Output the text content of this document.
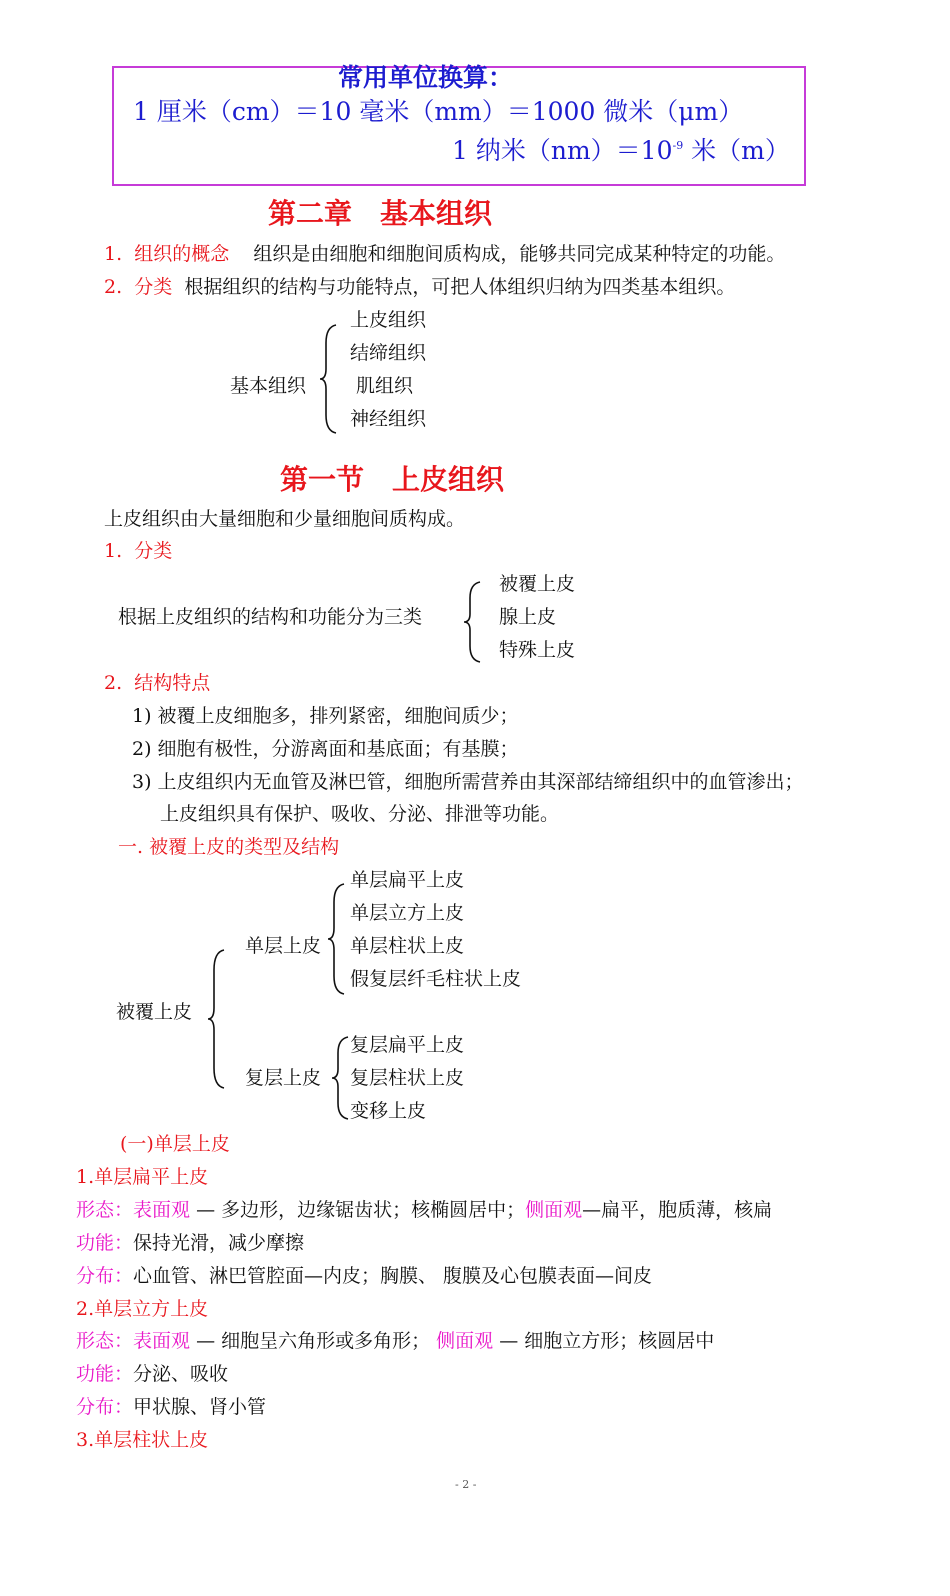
常用单位换算：
1 厘米（cm）＝10 毫米（mm）＝1000 微米（μm）
1 纳米$(nm)=10^{-9}$ 米（m）
第二章　基本组织
1. 组织的概念 组织是由细胞和细胞间质构成，能够共同完成某种特定的功能。
2. 分类 根据组织的结构与功能特点，可把人体组织归纳为四类基本组织。
基本组织
上皮组织
结缔组织
肌组织
神经组织
第一节　上皮组织
上皮组织由大量细胞和少量细胞间质构成。
1. 分类
根据上皮组织的结构和功能分为三类
被覆上皮
腺上皮
特殊上皮
2. 结构特点
1) 被覆上皮细胞多，排列紧密，细胞间质少；
2) 细胞有极性，分游离面和基底面；有基膜；
3) 上皮组织内无血管及淋巴管，细胞所需营养由其深部结缔组织中的血管渗出；
上皮组织具有保护、吸收、分泌、排泄等功能。
一. 被覆上皮的类型及结构
被覆上皮
单层上皮
单层扁平上皮
单层立方上皮
单层柱状上皮
假复层纤毛柱状上皮
复层上皮
复层扁平上皮
复层柱状上皮
变移上皮
(一)单层上皮
1.单层扁平上皮
形态：表面观 — 多边形，边缘锯齿状；核椭圆居中；侧面观—扁平，胞质薄，核扁
功能：保持光滑，减少摩擦
分布：心血管、淋巴管腔面—内皮；胸膜、 腹膜及心包膜表面—间皮
2.单层立方上皮
形态：表面观 — 细胞呈六角形或多角形； 侧面观 — 细胞立方形；核圆居中
功能：分泌、吸收
分布：甲状腺、肾小管
3.单层柱状上皮
- 2 -
